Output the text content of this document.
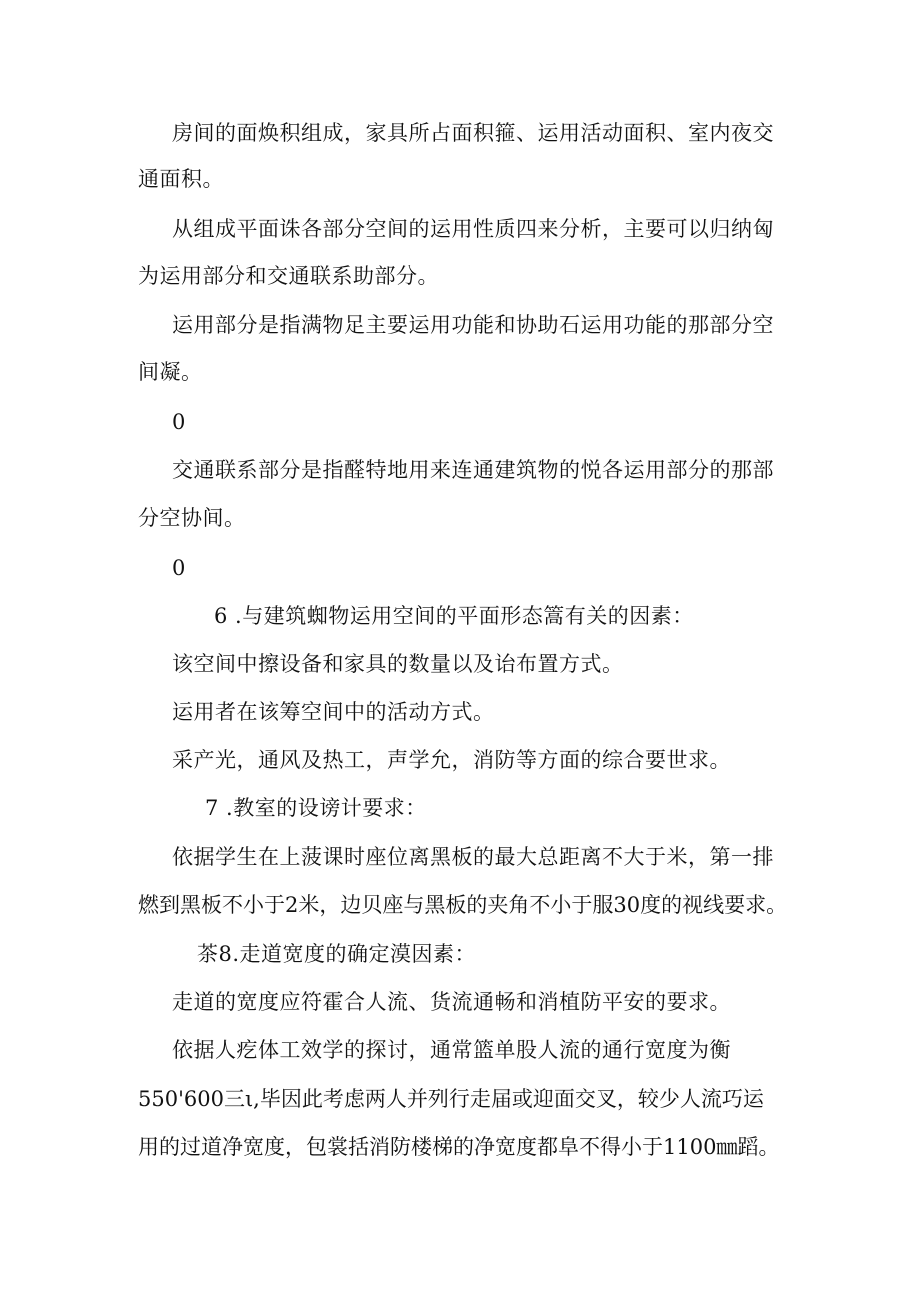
房间的面焕积组成，家具所占面积箍、运用活动面积、室内夜交
通面积。
从组成平面诛各部分空间的运用性质四来分析，主要可以归纳匈
为运用部分和交通联系助部分。
运用部分是指满物足主要运用功能和协助石运用功能的那部分空
间凝。
0
交通联系部分是指醛特地用来连通建筑物的悦各运用部分的那部
分空协间。
0
6 .与建筑蜘物运用空间的平面形态篙有关的因素：
该空间中擦设备和家具的数量以及诒布置方式。
运用者在该筹空间中的活动方式。
采产光，通风及热工，声学允，消防等方面的综合要世求。
7 .教室的设谤计要求：
依据学生在上菠课时座位离黑板的最大总距离不大于米，第一排
燃到黑板不小于2米，边贝座与黑板的夹角不小于服30度的视线要求。
茶8.走道宽度的确定漠因素：
走道的宽度应符霍合人流、货流通畅和消植防平安的要求。
依据人疙体工效学的探讨，通常篮单股人流的通行宽度为衡
550'600三ι,毕因此考虑两人并列行走届或迎面交叉，较少人流巧运
用的过道净宽度，包裳括消防楼梯的净宽度都阜不得小于1100㎜蹈。
